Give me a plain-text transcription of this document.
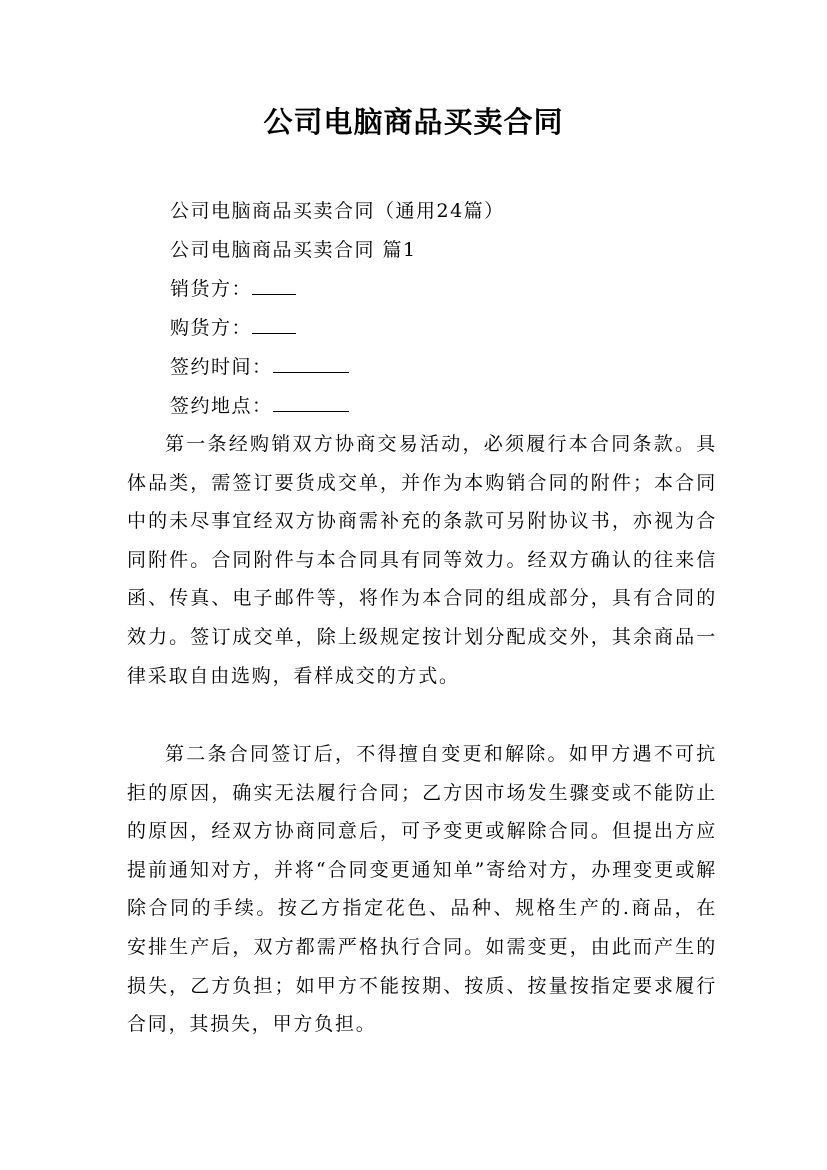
公司电脑商品买卖合同
公司电脑商品买卖合同（通用24篇）
公司电脑商品买卖合同 篇1
销货方：
购货方：
签约时间：
签约地点：

第一条经购销双方协商交易活动，必须履行本合同条款。具体品类，需签订要货成交单，并作为本购销合同的附件；本合同中的未尽事宜经双方协商需补充的条款可另附协议书，亦视为合同附件。合同附件与本合同具有同等效力。经双方确认的往来信函、传真、电子邮件等，将作为本合同的组成部分，具有合同的效力。签订成交单，除上级规定按计划分配成交外，其余商品一律采取自由选购，看样成交的方式。

第二条合同签订后，不得擅自变更和解除。如甲方遇不可抗拒的原因，确实无法履行合同；乙方因市场发生骤变或不能防止的原因，经双方协商同意后，可予变更或解除合同。但提出方应提前通知对方，并将“合同变更通知单”寄给对方，办理变更或解除合同的手续。按乙方指定花色、品种、规格生产的.商品，在安排生产后，双方都需严格执行合同。如需变更，由此而产生的损失，乙方负担；如甲方不能按期、按质、按量按指定要求履行合同，其损失，甲方负担。
